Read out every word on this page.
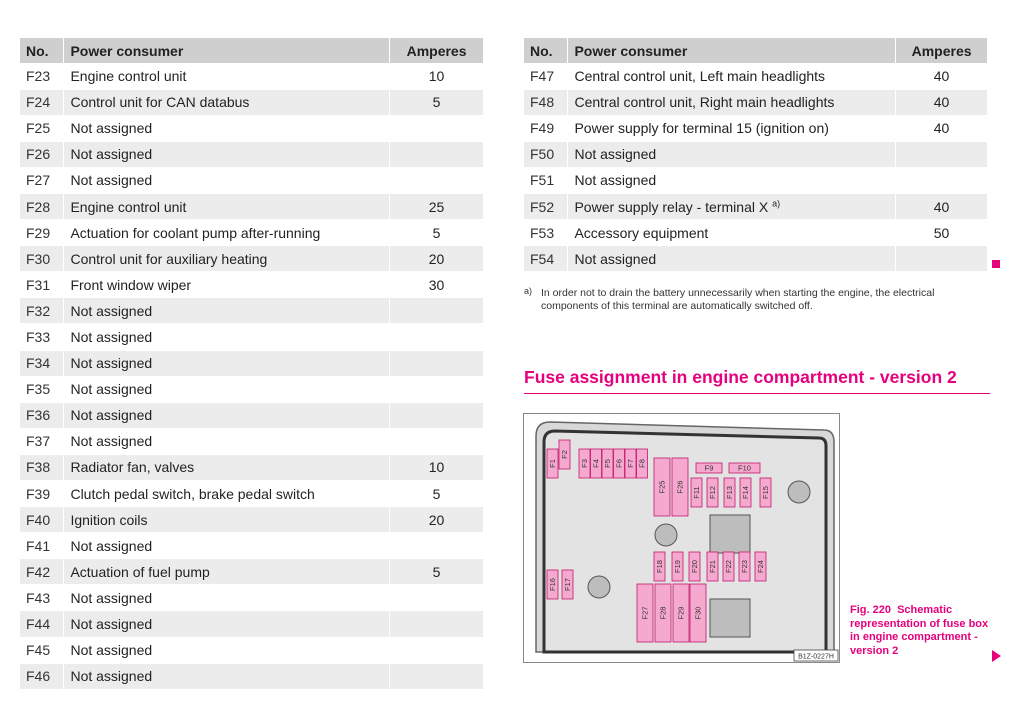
No.	Power consumer	Amperes
F23	Engine control unit	10
F24	Control unit for CAN databus	5
F25	Not assigned	
F26	Not assigned	
F27	Not assigned	
F28	Engine control unit	25
F29	Actuation for coolant pump after-running	5
F30	Control unit for auxiliary heating	20
F31	Front window wiper	30
F32	Not assigned	
F33	Not assigned	
F34	Not assigned	
F35	Not assigned	
F36	Not assigned	
F37	Not assigned	
F38	Radiator fan, valves	10
F39	Clutch pedal switch, brake pedal switch	5
F40	Ignition coils	20
F41	Not assigned	
F42	Actuation of fuel pump	5
F43	Not assigned	
F44	Not assigned	
F45	Not assigned	
F46	Not assigned	
No.	Power consumer	Amperes
F47	Central control unit, Left main headlights	40
F48	Central control unit, Right main headlights	40
F49	Power supply for terminal 15 (ignition on)	40
F50	Not assigned	
F51	Not assigned	
F52	Power supply relay - terminal X $^{a)}$	40
F53	Accessory equipment	50
F54	Not assigned	
a) In order not to drain the battery unnecessarily when starting the engine, the electrical components of this terminal are automatically switched off.
Fuse assignment in engine compartment - version 2
F1
F2
F3 F4 F5 F6 F7 F8
F25 F26
F9	F10
F11 F12 F13 F14 F15
F16 F17
F18 F19 F20 F21 F22 F23 F24
F27 F28 F29 F30
B1Z-0227H
Fig. 220 Schematic representation of fuse box in engine compartment - version 2
